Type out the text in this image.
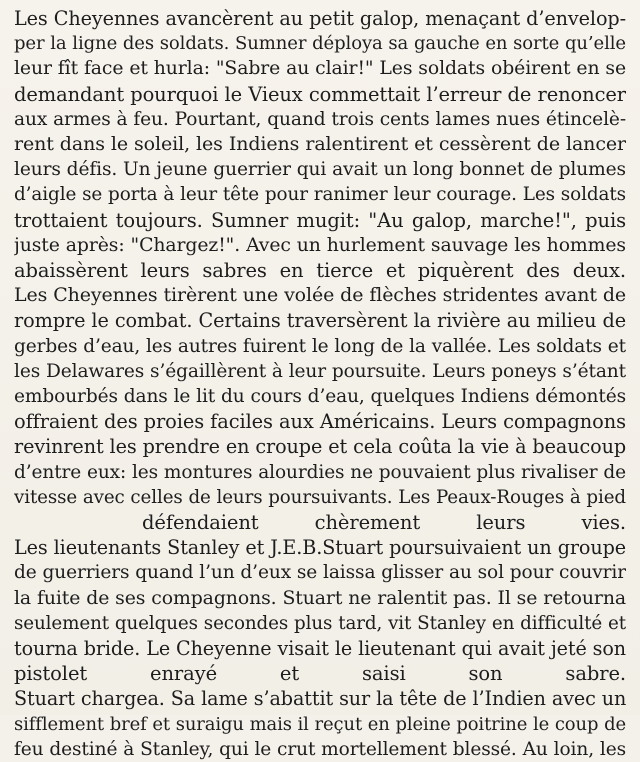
Les Cheyennes avancèrent au petit galop, menaçant d’envelop-
per la ligne des soldats. Sumner déploya sa gauche en sorte qu’elle
leur fît face et hurla: "Sabre au clair!" Les soldats obéirent en se
demandant pourquoi le Vieux commettait l’erreur de renoncer
aux armes à feu. Pourtant, quand trois cents lames nues étincelè-
rent dans le soleil, les Indiens ralentirent et cessèrent de lancer
leurs défis. Un jeune guerrier qui avait un long bonnet de plumes
d’aigle se porta à leur tête pour ranimer leur courage. Les soldats
trottaient toujours. Sumner mugit: "Au galop, marche!", puis
juste après: "Chargez!". Avec un hurlement sauvage les hommes
abaissèrent leurs sabres en tierce et piquèrent des deux.
Les Cheyennes tirèrent une volée de flèches stridentes avant de
rompre le combat. Certains traversèrent la rivière au milieu de
gerbes d’eau, les autres fuirent le long de la vallée. Les soldats et
les Delawares s’égaillèrent à leur poursuite. Leurs poneys s’étant
embourbés dans le lit du cours d’eau, quelques Indiens démontés
offraient des proies faciles aux Américains. Leurs compagnons
revinrent les prendre en croupe et cela coûta la vie à beaucoup
d’entre eux: les montures alourdies ne pouvaient plus rivaliser de
vitesse avec celles de leurs poursuivants. Les Peaux-Rouges à pied
défendaient chèrement leurs vies.
Les lieutenants Stanley et J.E.B.Stuart poursuivaient un groupe
de guerriers quand l’un d’eux se laissa glisser au sol pour couvrir
la fuite de ses compagnons. Stuart ne ralentit pas. Il se retourna
seulement quelques secondes plus tard, vit Stanley en difficulté et
tourna bride. Le Cheyenne visait le lieutenant qui avait jeté son
pistolet enrayé et saisi son sabre.
Stuart chargea. Sa lame s’abattit sur la tête de l’Indien avec un
sifflement bref et suraigu mais il reçut en pleine poitrine le coup de
feu destiné à Stanley, qui le crut mortellement blessé. Au loin, les
